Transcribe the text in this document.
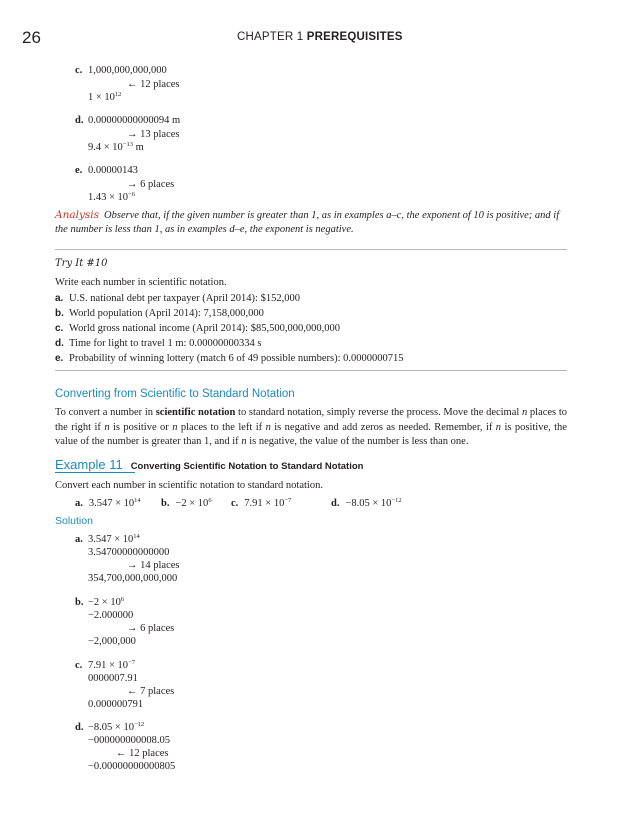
26	CHAPTER 1 PREREQUISITES
c. 1,000,000,000,000
← 12 places
$1 \times 10^{12}$
d. 0.00000000000094 m
→ 13 places
$9.4 \times 10^{-13}$ m
e. 0.00000143
→ 6 places
$1.43 \times 10^{-6}$
Analysis Observe that, if the given number is greater than 1, as in examples a–c, the exponent of 10 is positive; and if the number is less than 1, as in examples d–e, the exponent is negative.
Try It #10
Write each number in scientific notation.
a. U.S. national debt per taxpayer (April 2014): $152,000
b. World population (April 2014): 7,158,000,000
c. World gross national income (April 2014): $85,500,000,000,000
d. Time for light to travel 1 m: 0.00000000334 s
e. Probability of winning lottery (match 6 of 49 possible numbers): 0.0000000715
Converting from Scientific to Standard Notation
To convert a number in scientific notation to standard notation, simply reverse the process. Move the decimal n places to the right if n is positive or n places to the left if n is negative and add zeros as needed. Remember, if n is positive, the value of the number is greater than 1, and if n is negative, the value of the number is less than one.
Example 11 Converting Scientific Notation to Standard Notation
Convert each number in scientific notation to standard notation.
a. $3.547 \times 10^{14}$ b. $-2 \times 10^6$ c. $7.91 \times 10^{-7}$	d. $-8.05 \times 10^{-12}$
Solution
a. $3.547 \times 10^{14}$
3.54700000000000
→ 14 places
354,700,000,000,000
b. $-2 \times 10^6$
−2.000000
→ 6 places
−2,000,000
c. $7.91 \times 10^{-7}$
0000007.91
← 7 places
0.000000791
d. $-8.05 \times 10^{-12}$
−000000000008.05
← 12 places
−0.00000000000805
